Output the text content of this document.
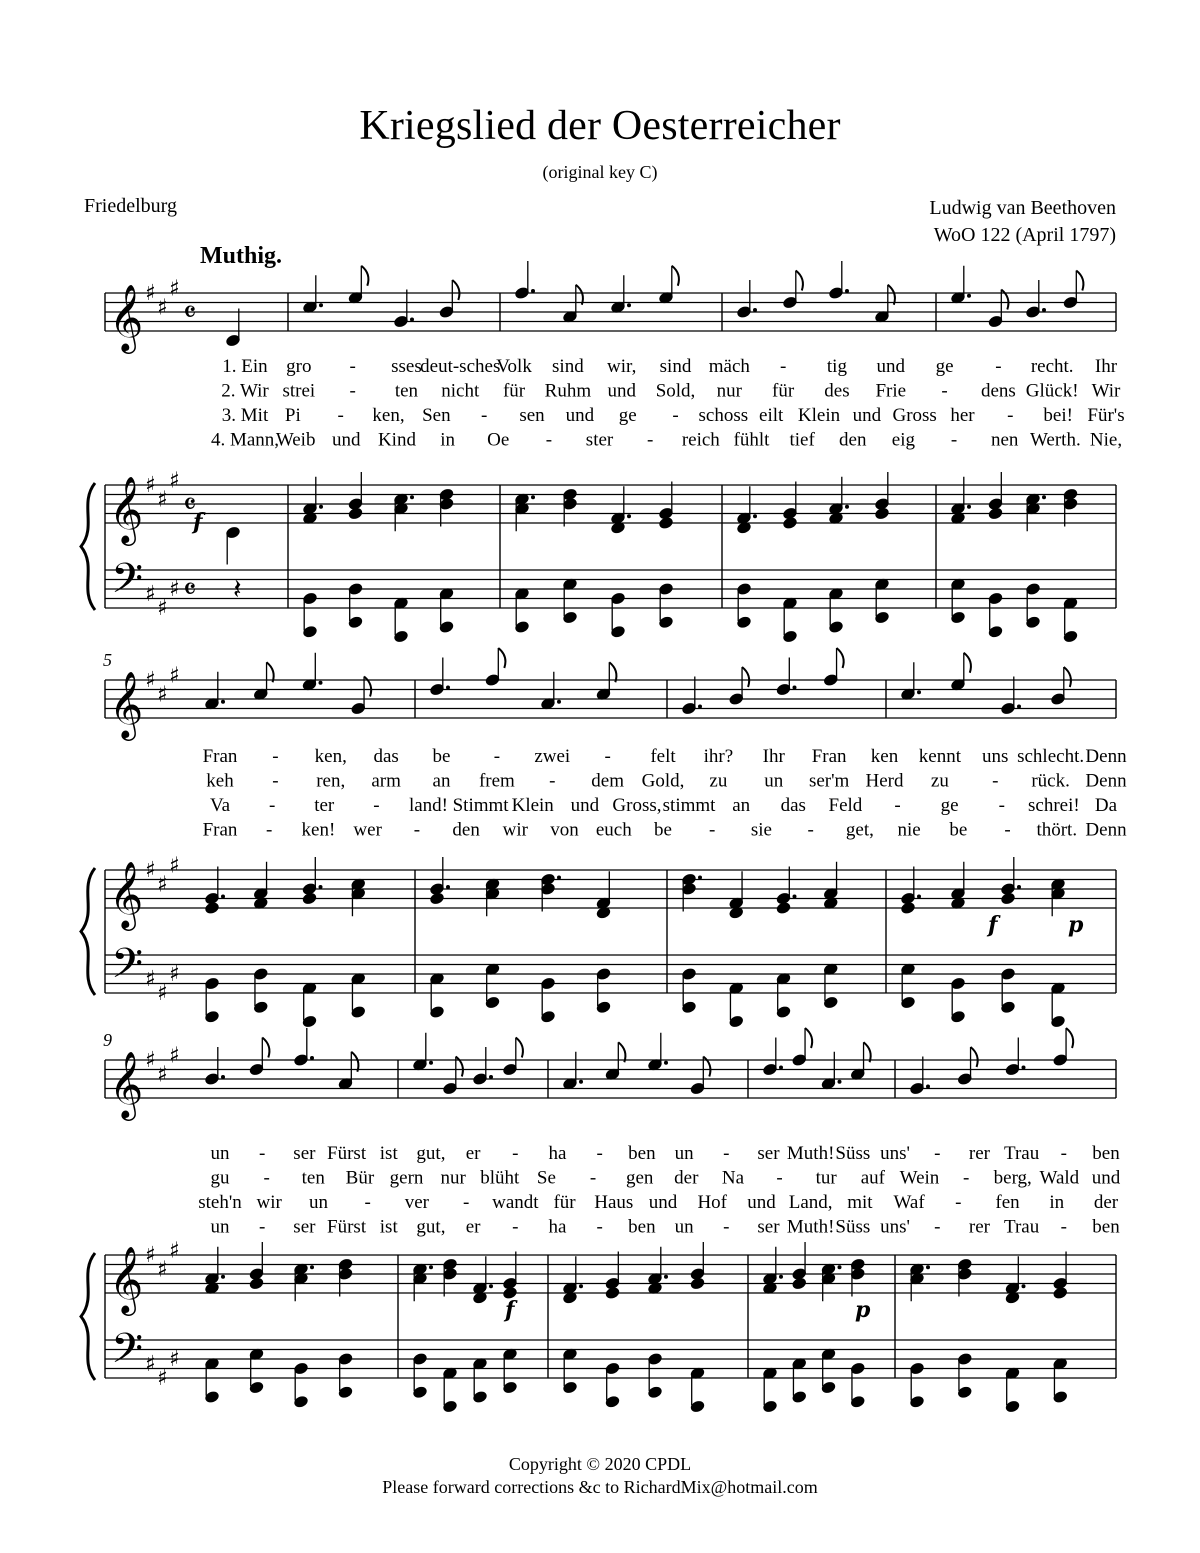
Kriegslied der Oesterreicher
(original key C)
Friedelburg	Ludwig van Beethoven
WoO 122 (April 1797)
Muthig.
5
9
𝄞
𝄞
𝄢
♯
♯
♯
♯
♯
♯
♯
♯
♯
𝄴
𝄴
𝄴
f
𝄽
𝄞
𝄞
𝄢
♯
♯
♯
♯
♯
♯
♯
♯
♯
f	p
𝄞
𝄞
𝄢
♯
♯
♯
♯
♯
♯
♯
♯
♯
f	p
1. Ein gro - sses
deut-sches
Volk sind wir, sind mäch - tig und ge - recht. Ihr
2. Wir strei - ten nicht für Ruhm und Sold, nur für des Frie - dens Glück! Wir
3. Mit Pi - ken, Sen - sen und ge - schoss eilt Klein und Gross her - bei! Für's
4. Mann,
Weib und Kind in Oe - ster - reich fühlt tief den eig - nen Werth. Nie,
Fran - ken, das be - zwei - felt ihr? Ihr Fran ken kennt uns schlecht. Denn
keh - ren, arm an frem - dem Gold, zu un ser'm Herd zu - rück. Denn
Va - ter - land! Stimmt Klein und Gross, stimmt an das Feld - ge - schrei! Da
Fran - ken! wer - den wir von euch be - sie - get, nie be - thört. Denn
un - ser Fürst ist gut, er - ha - ben un - ser Muth! Süss uns' - rer Trau - ben
gu - ten Bür gern nur blüht Se - gen der Na - tur auf Wein - berg, Wald und
steh'n wir un - ver - wandt für Haus und Hof und Land, mit Waf - fen in der
un - ser Fürst ist gut, er - ha - ben un - ser Muth! Süss uns' - rer Trau - ben
Copyright © 2020 CPDL
Please forward corrections &c to RichardMix@hotmail.com
